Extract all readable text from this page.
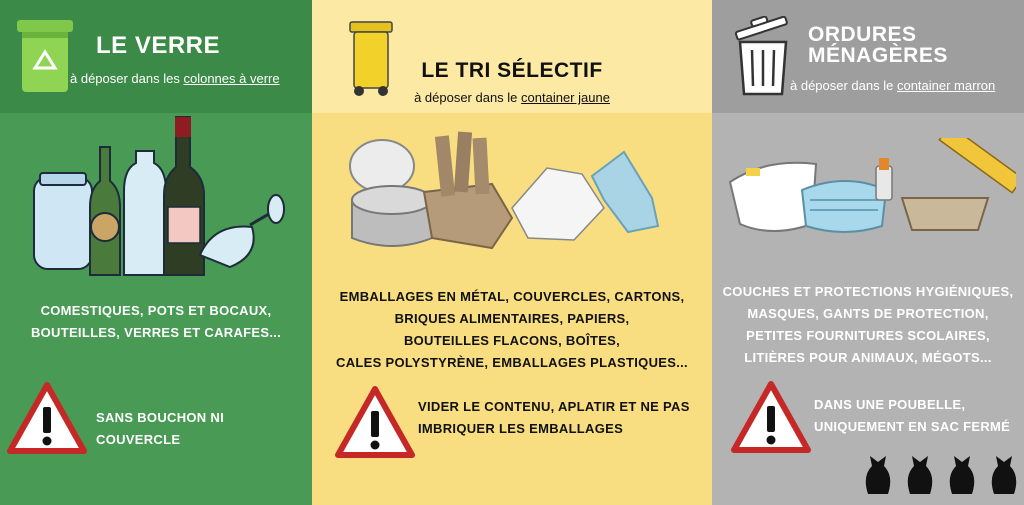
LE VERRE
à déposer dans les colonnes à verre
COMESTIQUES, POTS ET BOCAUX,
BOUTEILLES, VERRES ET CARAFES...
SANS BOUCHON NI COUVERCLE
LE TRI SÉLECTIF
à déposer dans le container jaune
EMBALLAGES EN MÉTAL, COUVERCLES, CARTONS,
BRIQUES ALIMENTAIRES, PAPIERS,
BOUTEILLES FLACONS, BOÎTES,
CALES POLYSTYRÈNE, EMBALLAGES PLASTIQUES...
VIDER LE CONTENU, APLATIR ET NE PAS
IMBRIQUER LES EMBALLAGES
ORDURES
MÉNAGÈRES
à déposer dans le container marron
COUCHES ET PROTECTIONS HYGIÉNIQUES,
MASQUES, GANTS DE PROTECTION,
PETITES FOURNITURES SCOLAIRES,
LITIÈRES POUR ANIMAUX, MÉGOTS...
DANS UNE POUBELLE,
UNIQUEMENT EN SAC FERMÉ
